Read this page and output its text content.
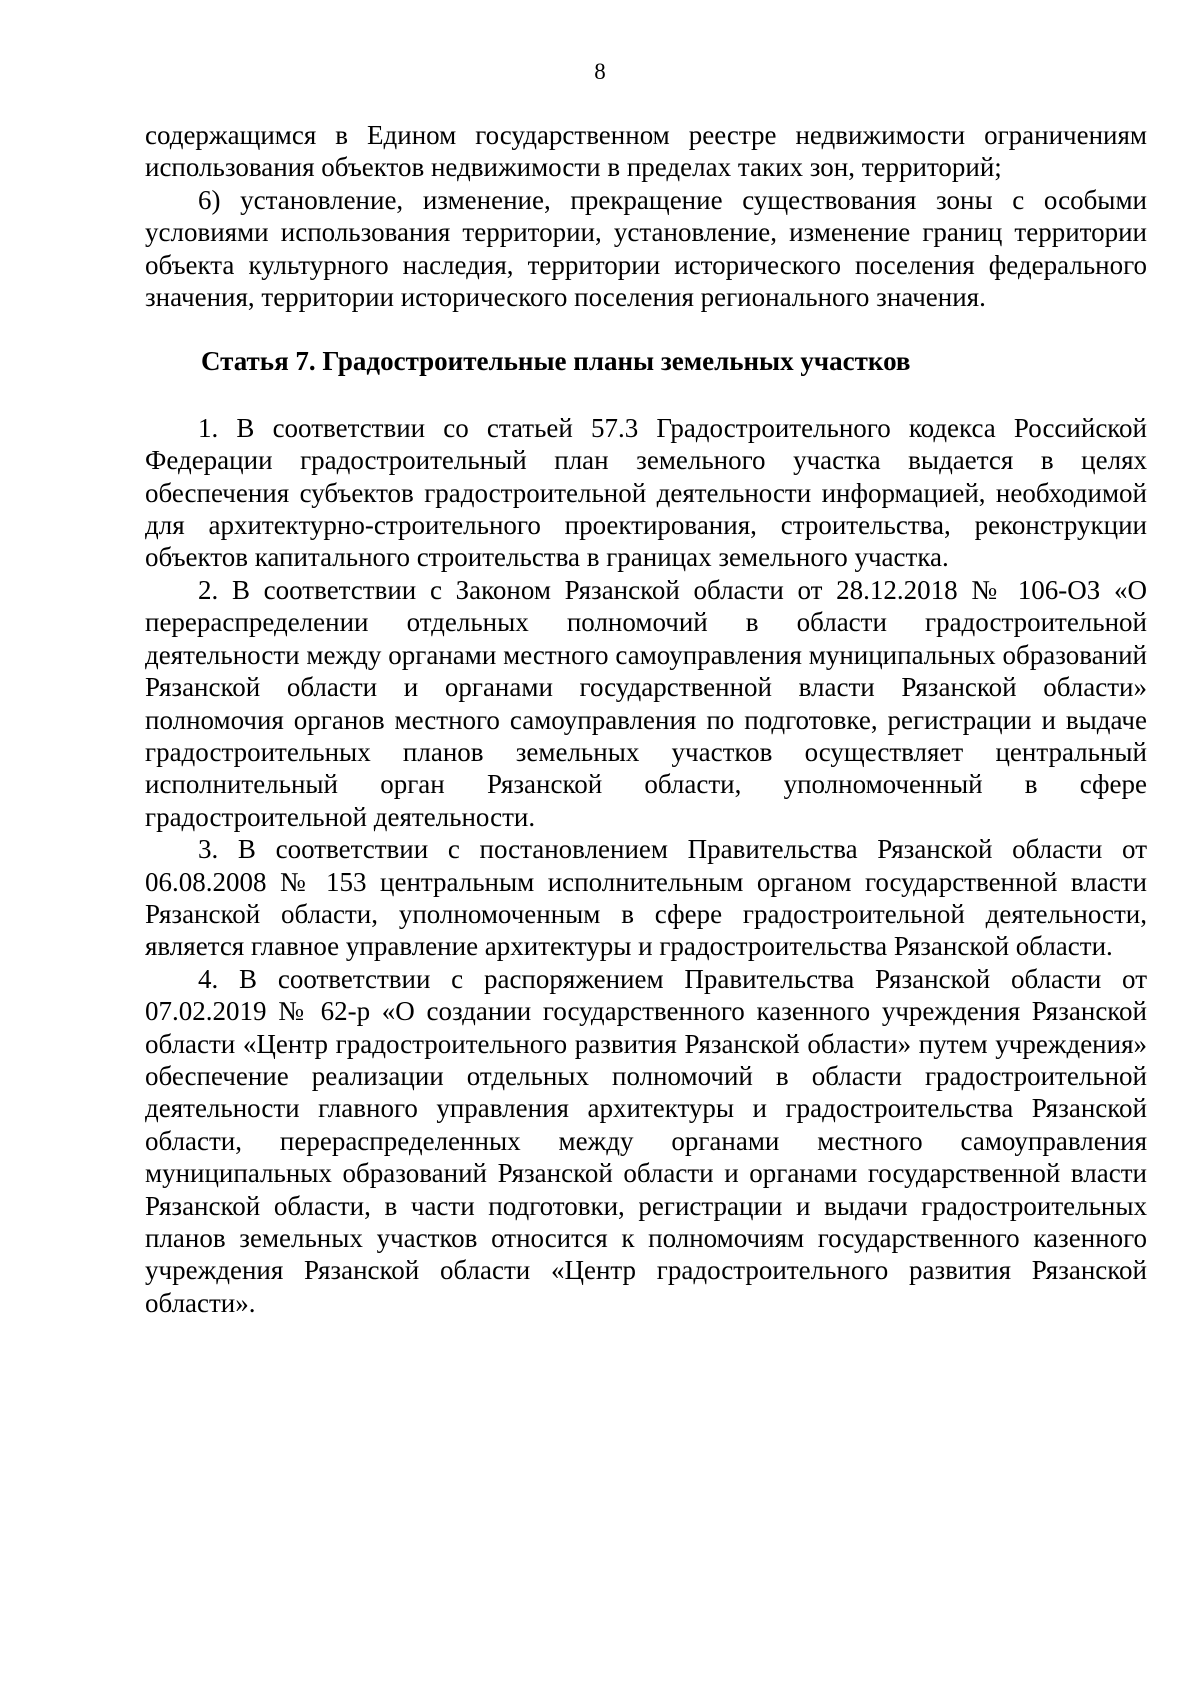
8

содержащимся в Едином государственном реестре недвижимости ограничениям использования объектов недвижимости в пределах таких зон, территорий;

6) установление, изменение, прекращение существования зоны с особыми условиями использования территории, установление, изменение границ территории объекта культурного наследия, территории исторического поселения федерального значения, территории исторического поселения регионального значения.

Статья 7. Градостроительные планы земельных участков

1. В соответствии со статьей 57.3 Градостроительного кодекса Российской Федерации градостроительный план земельного участка выдается в целях обеспечения субъектов градостроительной деятельности информацией, необходимой для архитектурно-строительного проектирования, строительства, реконструкции объектов капитального строительства в границах земельного участка.

2. В соответствии с Законом Рязанской области от 28.12.2018 № 106-ОЗ «О перераспределении отдельных полномочий в области градостроительной деятельности между органами местного самоуправления муниципальных образований Рязанской области и органами государственной власти Рязанской области» полномочия органов местного самоуправления по подготовке, регистрации и выдаче градостроительных планов земельных участков осуществляет центральный исполнительный орган Рязанской области, уполномоченный в сфере градостроительной деятельности.

3. В соответствии с постановлением Правительства Рязанской области от 06.08.2008 № 153 центральным исполнительным органом государственной власти Рязанской области, уполномоченным в сфере градостроительной деятельности, является главное управление архитектуры и градостроительства Рязанской области.

4. В соответствии с распоряжением Правительства Рязанской области от 07.02.2019 № 62-р «О создании государственного казенного учреждения Рязанской области «Центр градостроительного развития Рязанской области» путем учреждения» обеспечение реализации отдельных полномочий в области градостроительной деятельности главного управления архитектуры и градостроительства Рязанской области, перераспределенных между органами местного самоуправления муниципальных образований Рязанской области и органами государственной власти Рязанской области, в части подготовки, регистрации и выдачи градостроительных планов земельных участков относится к полномочиям государственного казенного учреждения Рязанской области «Центр градостроительного развития Рязанской области».
